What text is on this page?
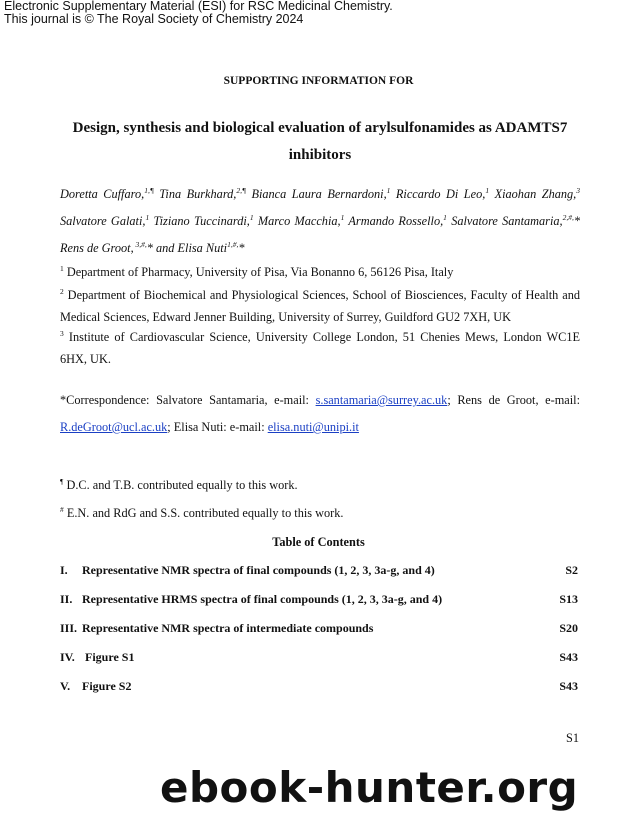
Electronic Supplementary Material (ESI) for RSC Medicinal Chemistry.
This journal is © The Royal Society of Chemistry 2024
SUPPORTING INFORMATION FOR
Design, synthesis and biological evaluation of arylsulfonamides as ADAMTS7 inhibitors
Doretta Cuffaro,$^{1,\P}$ Tina Burkhard,$^{2,\P}$ Bianca Laura Bernardoni,$^1$ Riccardo Di Leo,$^1$ Xiaohan Zhang,$^3$ Salvatore Galati,$^1$ Tiziano Tuccinardi,$^1$ Marco Macchia,$^1$ Armando Rossello,$^1$ Salvatore Santamaria,$^{2,\#,}$* Rens de Groot, $^{3,\#,}$* and Elisa Nuti$^{1,\#,}$*
$^1$ Department of Pharmacy, University of Pisa, Via Bonanno 6, 56126 Pisa, Italy
$^2$ Department of Biochemical and Physiological Sciences, School of Biosciences, Faculty of Health and Medical Sciences, Edward Jenner Building, University of Surrey, Guildford GU2 7XH, UK
$^3$ Institute of Cardiovascular Science, University College London, 51 Chenies Mews, London WC1E 6HX, UK.
*Correspondence: Salvatore Santamaria, e-mail: s.santamaria@surrey.ac.uk; Rens de Groot, e-mail: R.deGroot@ucl.ac.uk; Elisa Nuti: e-mail: elisa.nuti@unipi.it
¶ D.C. and T.B. contributed equally to this work.
# E.N. and RdG and S.S. contributed equally to this work.
Table of Contents
I. Representative NMR spectra of final compounds (1, 2, 3, 3a-g, and 4)	S2
II. Representative HRMS spectra of final compounds (1, 2, 3, 3a-g, and 4)	S13
III. Representative NMR spectra of intermediate compounds	S20
IV. Figure S1	S43
V. Figure S2	S43
S1
ebook-hunter.org
